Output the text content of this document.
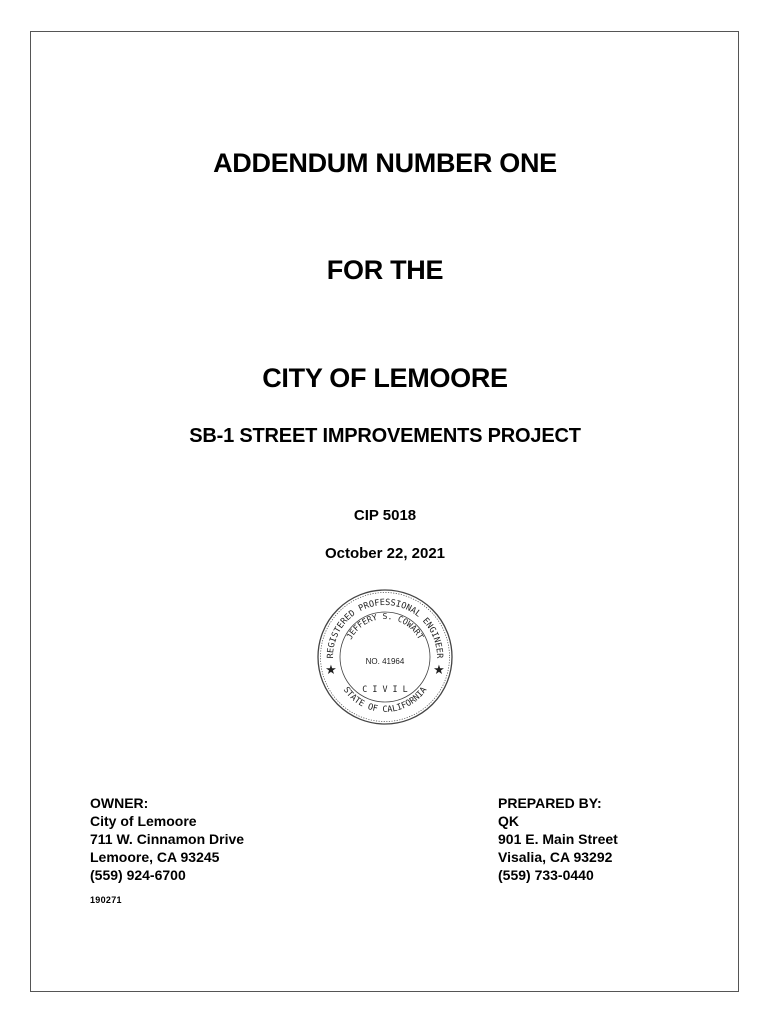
ADDENDUM NUMBER ONE
FOR THE
CITY OF LEMOORE
SB-1 STREET IMPROVEMENTS PROJECT
CIP 5018
October 22, 2021
REGISTERED PROFESSIONAL ENGINEER
JEFFERY S. COWART
STATE OF CALIFORNIA
NO. 41964
C I V I L
★	★
OWNER:
City of Lemoore
711 W. Cinnamon Drive
Lemoore, CA 93245
(559) 924-6700
PREPARED BY:
QK
901 E. Main Street
Visalia, CA 93292
(559) 733-0440
190271
